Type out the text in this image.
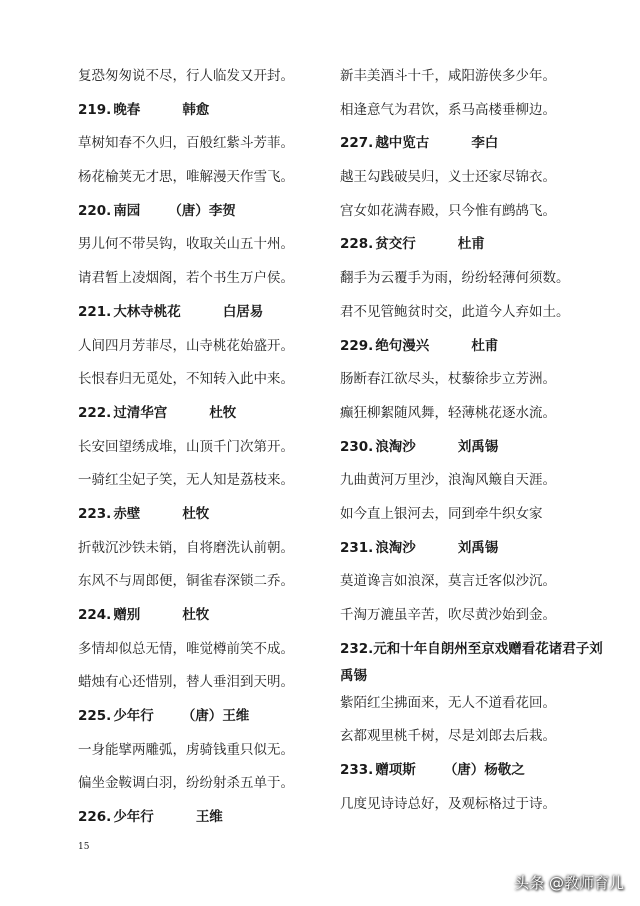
复恐匆匆说不尽，行人临发又开封。
219. 晚春	韩愈
草树知春不久归，百般红紫斗芳菲。
杨花榆荚无才思，唯解漫天作雪飞。
220. 南园 （唐）李贺
男儿何不带吴钩，收取关山五十州。
请君暂上凌烟阁，若个书生万户侯。
221. 大林寺桃花	白居易
人间四月芳菲尽，山寺桃花始盛开。
长恨春归无觅处，不知转入此中来。
222. 过清华宫	杜牧
长安回望绣成堆，山顶千门次第开。
一骑红尘妃子笑，无人知是荔枝来。
223. 赤壁	杜牧
折戟沉沙铁未销，自将磨洗认前朝。
东风不与周郎便，铜雀春深锁二乔。
224. 赠别	杜牧
多情却似总无情，唯觉樽前笑不成。
蜡烛有心还惜别，替人垂泪到天明。
225. 少年行 （唐）王维
一身能擘两雕弧，虏骑钱重只似无。
偏坐金鞍调白羽，纷纷射杀五单于。
226. 少年行	王维
新丰美酒斗十千，咸阳游侠多少年。
相逢意气为君饮，系马高楼垂柳边。
227. 越中览古	李白
越王勾践破吴归，义士还家尽锦衣。
宫女如花满春殿，只今惟有鹧鸪飞。
228. 贫交行	杜甫
翻手为云覆手为雨，纷纷轻薄何须数。
君不见管鲍贫时交，此道今人弃如土。
229. 绝句漫兴	杜甫
肠断春江欲尽头，杖藜徐步立芳洲。
癫狂柳絮随风舞，轻薄桃花逐水流。
230. 浪淘沙	刘禹锡
九曲黄河万里沙，浪淘风簸自天涯。
如今直上银河去，同到牵牛织女家
231. 浪淘沙	刘禹锡
莫道谗言如浪深，莫言迁客似沙沉。
千淘万漉虽辛苦，吹尽黄沙始到金。
232.元和十年自朗州至京戏赠看花诸君子刘禹锡
紫陌红尘拂面来，无人不道看花回。
玄都观里桃千树，尽是刘郎去后栽。
233. 赠项斯 （唐）杨敬之
几度见诗诗总好，及观标格过于诗。
15
头条 @教师育儿
